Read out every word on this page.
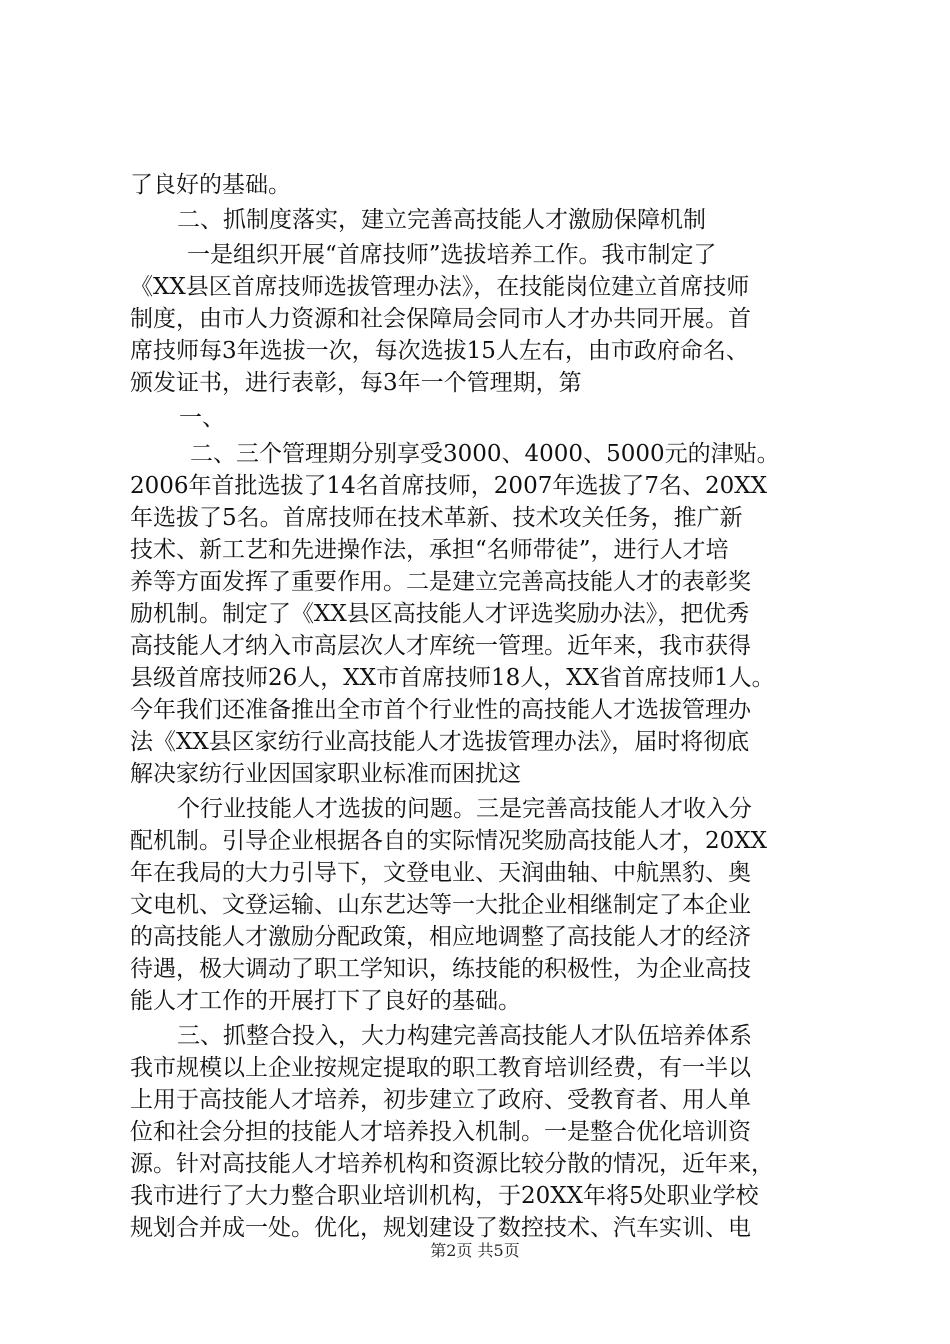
了良好的基础。
二、抓制度落实，建立完善高技能人才激励保障机制
一是组织开展“首席技师”选拔培养工作。我市制定了
《XX县区首席技师选拔管理办法》，在技能岗位建立首席技师
制度，由市人力资源和社会保障局会同市人才办共同开展。首
席技师每3年选拔一次，每次选拔15人左右，由市政府命名、
颁发证书，进行表彰，每3年一个管理期，第
一、
二、三个管理期分别享受3000、4000、5000元的津贴。
2006年首批选拔了14名首席技师，2007年选拔了7名、20XX
年选拔了5名。首席技师在技术革新、技术攻关任务，推广新
技术、新工艺和先进操作法，承担“名师带徒”，进行人才培
养等方面发挥了重要作用。二是建立完善高技能人才的表彰奖
励机制。制定了《XX县区高技能人才评选奖励办法》，把优秀
高技能人才纳入市高层次人才库统一管理。近年来，我市获得
县级首席技师26人，XX市首席技师18人，XX省首席技师1人。
今年我们还准备推出全市首个行业性的高技能人才选拔管理办
法《XX县区家纺行业高技能人才选拔管理办法》，届时将彻底
解决家纺行业因国家职业标准而困扰这
个行业技能人才选拔的问题。三是完善高技能人才收入分
配机制。引导企业根据各自的实际情况奖励高技能人才，20XX
年在我局的大力引导下，文登电业、天润曲轴、中航黑豹、奥
文电机、文登运输、山东艺达等一大批企业相继制定了本企业
的高技能人才激励分配政策，相应地调整了高技能人才的经济
待遇，极大调动了职工学知识，练技能的积极性，为企业高技
能人才工作的开展打下了良好的基础。
三、抓整合投入，大力构建完善高技能人才队伍培养体系
我市规模以上企业按规定提取的职工教育培训经费，有一半以
上用于高技能人才培养，初步建立了政府、受教育者、用人单
位和社会分担的技能人才培养投入机制。一是整合优化培训资
源。针对高技能人才培养机构和资源比较分散的情况，近年来，
我市进行了大力整合职业培训机构，于20XX年将5处职业学校
规划合并成一处。优化，规划建设了数控技术、汽车实训、电
第2页 共5页
